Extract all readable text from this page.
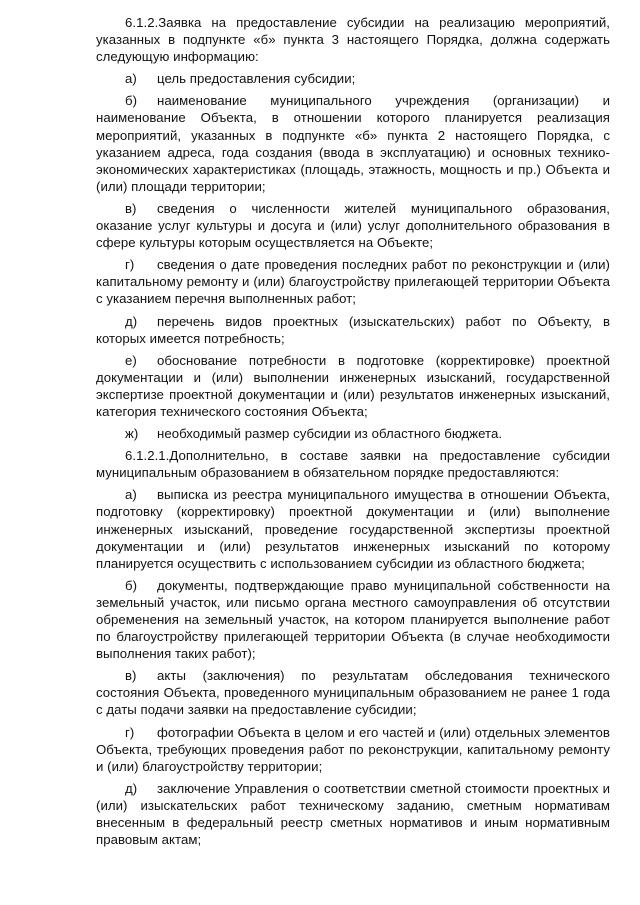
6.1.2.Заявка на предоставление субсидии на реализацию мероприятий, указанных в подпункте «б» пункта 3 настоящего Порядка, должна содержать следующую информацию:

а) цель предоставления субсидии;

б) наименование муниципального учреждения (организации) и наименование Объекта, в отношении которого планируется реализация мероприятий, указанных в подпункте «б» пункта 2 настоящего Порядка, с указанием адреса, года создания (ввода в эксплуатацию) и основных технико-экономических характеристиках (площадь, этажность, мощность и пр.) Объекта и (или) площади территории;

в) сведения о численности жителей муниципального образования, оказание услуг культуры и досуга и (или) услуг дополнительного образования в сфере культуры которым осуществляется на Объекте;

г) сведения о дате проведения последних работ по реконструкции и (или) капитальному ремонту и (или) благоустройству прилегающей территории Объекта с указанием перечня выполненных работ;

д) перечень видов проектных (изыскательских) работ по Объекту, в которых имеется потребность;

е) обоснование потребности в подготовке (корректировке) проектной документации и (или) выполнении инженерных изысканий, государственной экспертизе проектной документации и (или) результатов инженерных изысканий, категория технического состояния Объекта;

ж) необходимый размер субсидии из областного бюджета.

6.1.2.1.Дополнительно, в составе заявки на предоставление субсидии муниципальным образованием в обязательном порядке предоставляются:

а) выписка из реестра муниципального имущества в отношении Объекта, подготовку (корректировку) проектной документации и (или) выполнение инженерных изысканий, проведение государственной экспертизы проектной документации и (или) результатов инженерных изысканий по которому планируется осуществить с использованием субсидии из областного бюджета;

б) документы, подтверждающие право муниципальной собственности на земельный участок, или письмо органа местного самоуправления об отсутствии обременения на земельный участок, на котором планируется выполнение работ по благоустройству прилегающей территории Объекта (в случае необходимости выполнения таких работ);

в) акты (заключения) по результатам обследования технического состояния Объекта, проведенного муниципальным образованием не ранее 1 года с даты подачи заявки на предоставление субсидии;

г) фотографии Объекта в целом и его частей и (или) отдельных элементов Объекта, требующих проведения работ по реконструкции, капитальному ремонту и (или) благоустройству территории;

д) заключение Управления о соответствии сметной стоимости проектных и (или) изыскательских работ техническому заданию, сметным нормативам внесенным в федеральный реестр сметных нормативов и иным нормативным правовым актам;
